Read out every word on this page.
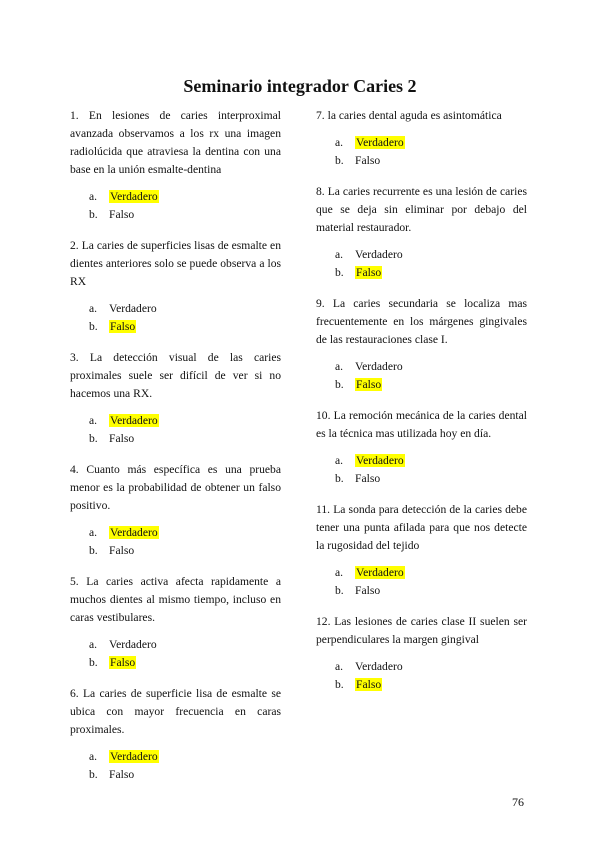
Seminario integrador Caries 2

1. En lesiones de caries interproximal avanzada observamos a los rx una imagen radiolúcida que atraviesa la dentina con una base en la unión esmalte-dentina

a.	Verdadero
b. Falso

2. La caries de superficies lisas de esmalte en dientes anteriores solo se puede observa a los RX

a.	Verdadero
b.	Falso

3. La detección visual de las caries proximales suele ser difícil de ver si no hacemos una RX.

a.	Verdadero
b. Falso

4. Cuanto más específica es una prueba menor es la probabilidad de obtener un falso positivo.

a.	Verdadero
b. Falso

5. La caries activa afecta rapidamente a muchos dientes al mismo tiempo, incluso en caras vestibulares.

a.	Verdadero
b.	Falso

6. La caries de superficie lisa de esmalte se ubica con mayor frecuencia en caras proximales.

a.	Verdadero
b. Falso

7. la caries dental aguda es asintomática

a.	Verdadero
b. Falso

8. La caries recurrente es una lesión de caries que se deja sin eliminar por debajo del material restaurador.

a.	Verdadero
b.	Falso

9. La caries secundaria se localiza mas frecuentemente en los márgenes gingivales de las restauraciones clase I.

a.	Verdadero
b.	Falso

10. La remoción mecánica de la caries dental es la técnica mas utilizada hoy en día.

a.	Verdadero
b. Falso

11. La sonda para detección de la caries debe tener una punta afilada para que nos detecte la rugosidad del tejido

a.	Verdadero
b. Falso

12. Las lesiones de caries clase II suelen ser perpendiculares la margen gingival

a.	Verdadero
b.	Falso
76
